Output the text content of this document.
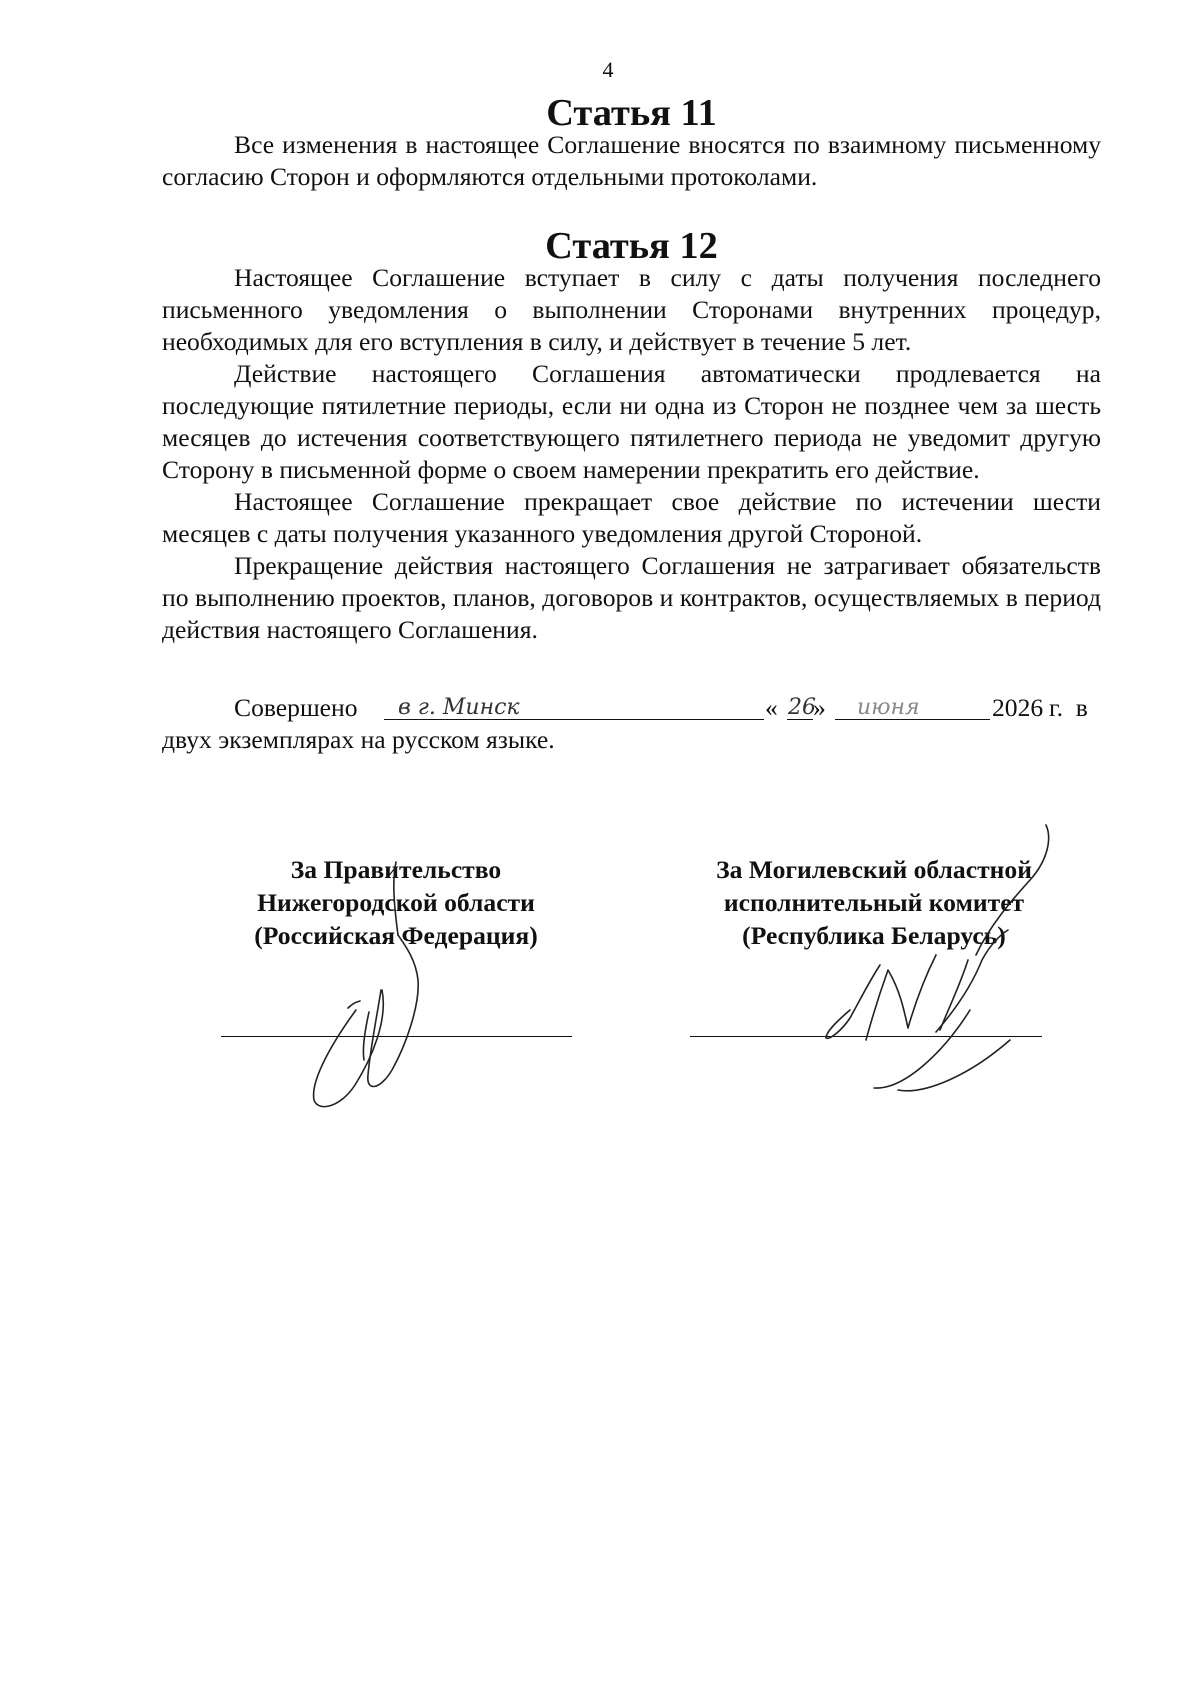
4
Статья 11

Все изменения в настоящее Соглашение вносятся по взаимному письменному согласию Сторон и оформляются отдельными протоколами.

Статья 12

Настоящее Соглашение вступает в силу с даты получения последнего письменного уведомления о выполнении Сторонами внутренних процедур, необходимых для его вступления в силу, и действует в течение 5 лет.

Действие настоящего Соглашения автоматически продлевается на последующие пятилетние периоды, если ни одна из Сторон не позднее чем за шесть месяцев до истечения соответствующего пятилетнего периода не уведомит другую Сторону в письменной форме о своем намерении прекратить его действие.

Настоящее Соглашение прекращает свое действие по истечении шести месяцев с даты получения указанного уведомления другой Стороной.

Прекращение действия настоящего Соглашения не затрагивает обязательств по выполнению проектов, планов, договоров и контрактов, осуществляемых в период действия настоящего Соглашения.

Совершено в г. Минск	« 26
» июня	2026 г.  в
двух экземплярах на русском языке.
За Правительство
Нижегородской области
(Российская Федерация)
За Могилевский областной
исполнительный комитет
(Республика Беларусь)
